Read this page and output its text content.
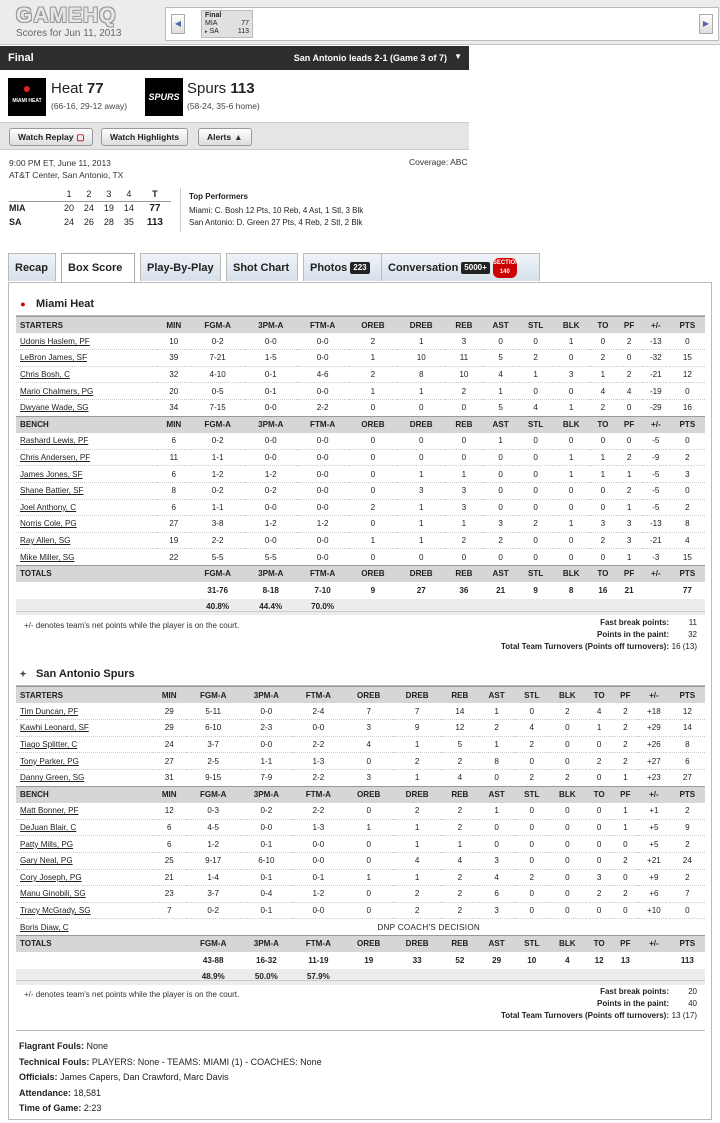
GAMEHQ
Scores for Jun 11, 2013
◀
Final
MIA	77
▸ SA	113
▶
Final	San Antonio leads 2-1 (Game 3 of 7) ▼
●
MIAMI HEAT
Heat 77
(66-16, 29-12 away)
SPURS Spurs 113
(58-24, 35-6 home)
Watch Replay ▢	Watch Highlights	Alerts ▲
9:00 PM ET, June 11, 2013
AT&T Center, San Antonio, TX
Coverage: ABC
	1	2	3	4	T
MIA	20	24	19	14	77
SA	24	26	28	35	113
Top Performers
Miami: C. Bosh 12 Pts, 10 Reb, 4 Ast, 1 Stl, 3 Blk
San Antonio: D. Green 27 Pts, 4 Reb, 2 Stl, 2 Blk
Recap	Box Score	Play-By-Play	Shot Chart	Photos 223	Conversation 5000+ SECTION 140
● Miami Heat
STARTERS	MIN	FGM-A	3PM-A	FTM-A	OREB	DREB	REB	AST	STL	BLK	TO	PF	+/-	PTS
Udonis Haslem, PF	10	0-2	0-0	0-0	2	1	3	0	0	1	0	2	-13	0
LeBron James, SF	39	7-21	1-5	0-0	1	10	11	5	2	0	2	0	-32	15
Chris Bosh, C	32	4-10	0-1	4-6	2	8	10	4	1	3	1	2	-21	12
Mario Chalmers, PG	20	0-5	0-1	0-0	1	1	2	1	0	0	4	4	-19	0
Dwyane Wade, SG	34	7-15	0-0	2-2	0	0	0	5	4	1	2	0	-29	16
BENCH	MIN	FGM-A	3PM-A	FTM-A	OREB	DREB	REB	AST	STL	BLK	TO	PF	+/-	PTS
Rashard Lewis, PF	6	0-2	0-0	0-0	0	0	0	1	0	0	0	0	-5	0
Chris Andersen, PF	11	1-1	0-0	0-0	0	0	0	0	0	1	1	2	-9	2
James Jones, SF	6	1-2	1-2	0-0	0	1	1	0	0	1	1	1	-5	3
Shane Battier, SF	8	0-2	0-2	0-0	0	3	3	0	0	0	0	2	-5	0
Joel Anthony, C	6	1-1	0-0	0-0	2	1	3	0	0	0	0	1	-5	2
Norris Cole, PG	27	3-8	1-2	1-2	0	1	1	3	2	1	3	3	-13	8
Ray Allen, SG	19	2-2	0-0	0-0	1	1	2	2	0	0	2	3	-21	4
Mike Miller, SG	22	5-5	5-5	0-0	0	0	0	0	0	0	0	1	-3	15
TOTALS		FGM-A	3PM-A	FTM-A	OREB	DREB	REB	AST	STL	BLK	TO	PF	+/-	PTS
		31-76	8-18	7-10	9	27	36	21	9	8	16	21		77
		40.8%	44.4%	70.0%										
+/- denotes team's net points while the player is on the court.	Fast break points: 11
Points in the paint: 32
Total Team Turnovers (Points off turnovers): 16 (13)
✦ San Antonio Spurs
STARTERS	MIN	FGM-A	3PM-A	FTM-A	OREB	DREB	REB	AST	STL	BLK	TO	PF	+/-	PTS
Tim Duncan, PF	29	5-11	0-0	2-4	7	7	14	1	0	2	4	2	+18	12
Kawhi Leonard, SF	29	6-10	2-3	0-0	3	9	12	2	4	0	1	2	+29	14
Tiago Splitter, C	24	3-7	0-0	2-2	4	1	5	1	2	0	0	2	+26	8
Tony Parker, PG	27	2-5	1-1	1-3	0	2	2	8	0	0	2	2	+27	6
Danny Green, SG	31	9-15	7-9	2-2	3	1	4	0	2	2	0	1	+23	27
BENCH	MIN	FGM-A	3PM-A	FTM-A	OREB	DREB	REB	AST	STL	BLK	TO	PF	+/-	PTS
Matt Bonner, PF	12	0-3	0-2	2-2	0	2	2	1	0	0	0	1	+1	2
DeJuan Blair, C	6	4-5	0-0	1-3	1	1	2	0	0	0	0	1	+5	9
Patty Mills, PG	6	1-2	0-1	0-0	0	1	1	0	0	0	0	0	+5	2
Gary Neal, PG	25	9-17	6-10	0-0	0	4	4	3	0	0	0	2	+21	24
Cory Joseph, PG	21	1-4	0-1	0-1	1	1	2	4	2	0	3	0	+9	2
Manu Ginobili, SG	23	3-7	0-4	1-2	0	2	2	6	0	0	2	2	+6	7
Tracy McGrady, SG	7	0-2	0-1	0-0	0	2	2	3	0	0	0	0	+10	0
Boris Diaw, C	DNP COACH'S DECISION													
TOTALS		FGM-A	3PM-A	FTM-A	OREB	DREB	REB	AST	STL	BLK	TO	PF	+/-	PTS
		43-88	16-32	11-19	19	33	52	29	10	4	12	13		113
		48.9%	50.0%	57.9%										
+/- denotes team's net points while the player is on the court.	Fast break points: 20
Points in the paint: 40
Total Team Turnovers (Points off turnovers): 13 (17)
Flagrant Fouls: None
Technical Fouls: PLAYERS: None - TEAMS: MIAMI (1) - COACHES: None
Officials: James Capers, Dan Crawford, Marc Davis
Attendance: 18,581
Time of Game: 2:23
